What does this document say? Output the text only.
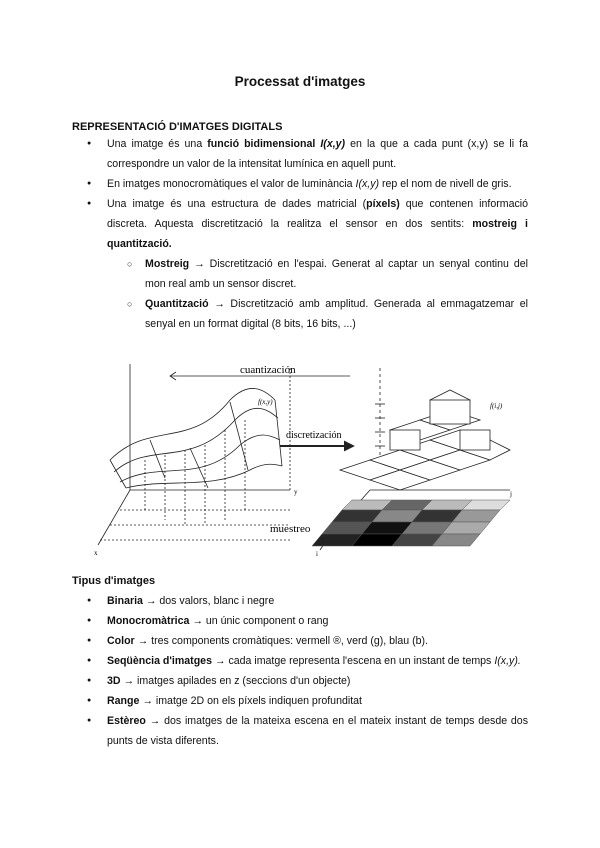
Processat d'imatges

REPRESENTACIÓ D'IMATGES DIGITALS

● Una imatge és una funció bidimensional I(x,y) en la que a cada punt (x,y) se li fa correspondre un valor de la intensitat lumínica en aquell punt.
● En imatges monocromàtiques el valor de luminància I(x,y) rep el nom de nivell de gris.
● Una imatge és una estructura de dades matricial (píxels) que contenen informació discreta. Aquesta discretització la realitza el sensor en dos sentits: mostreig i quantització.
○ Mostreig → Discretització en l'espai. Generat al captar un senyal continu del mon real amb un sensor discret.
○ Quantització → Discretització amb amplitud. Generada al emmagatzemar el senyal en un format digital (8 bits, 16 bits, ...)
cuantización
discretización
muestreo
f(x,y)	f(i,j)
x
y
i
j

Tipus d'imatges

● Binaria → dos valors, blanc i negre
● Monocromàtrica → un únic component o rang
● Color → tres components cromàtiques: vermell ®, verd (g), blau (b).
● Seqüència d'imatges → cada imatge representa l'escena en un instant de temps I(x,y).
● 3D → imatges apilades en z (seccions d'un objecte)
● Range → imatge 2D on els píxels indiquen profunditat
● Estèreo → dos imatges de la mateixa escena en el mateix instant de temps desde dos punts de vista diferents.
